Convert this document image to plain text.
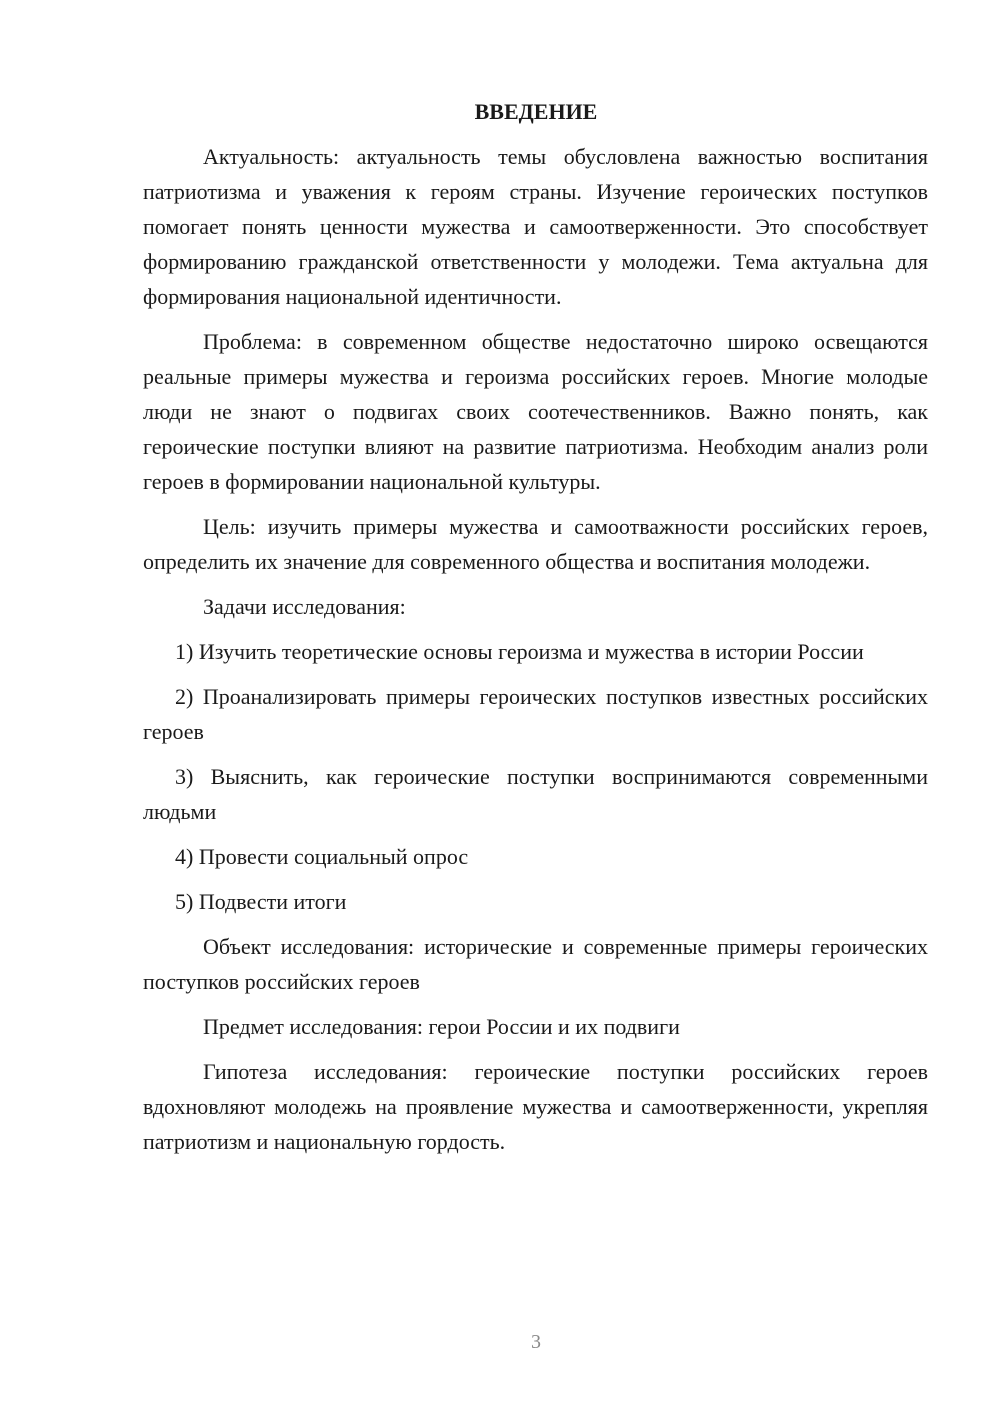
ВВЕДЕНИЕ

Актуальность: актуальность темы обусловлена важностью воспитания патриотизма и уважения к героям страны. Изучение героических поступков помогает понять ценности мужества и самоотверженности. Это способствует формированию гражданской ответственности у молодежи. Тема актуальна для формирования национальной идентичности.

Проблема: в современном обществе недостаточно широко освещаются реальные примеры мужества и героизма российских героев. Многие молодые люди не знают о подвигах своих соотечественников. Важно понять, как героические поступки влияют на развитие патриотизма. Необходим анализ роли героев в формировании национальной культуры.

Цель: изучить примеры мужества и самоотважности российских героев, определить их значение для современного общества и воспитания молодежи.

Задачи исследования:

1) Изучить теоретические основы героизма и мужества в истории России

2) Проанализировать примеры героических поступков известных российских героев

3) Выяснить, как героические поступки воспринимаются современными людьми

4) Провести социальный опрос

5) Подвести итоги

Объект исследования: исторические и современные примеры героических поступков российских героев

Предмет исследования: герои России и их подвиги

Гипотеза исследования: героические поступки российских героев вдохновляют молодежь на проявление мужества и самоотверженности, укрепляя патриотизм и национальную гордость.

3
